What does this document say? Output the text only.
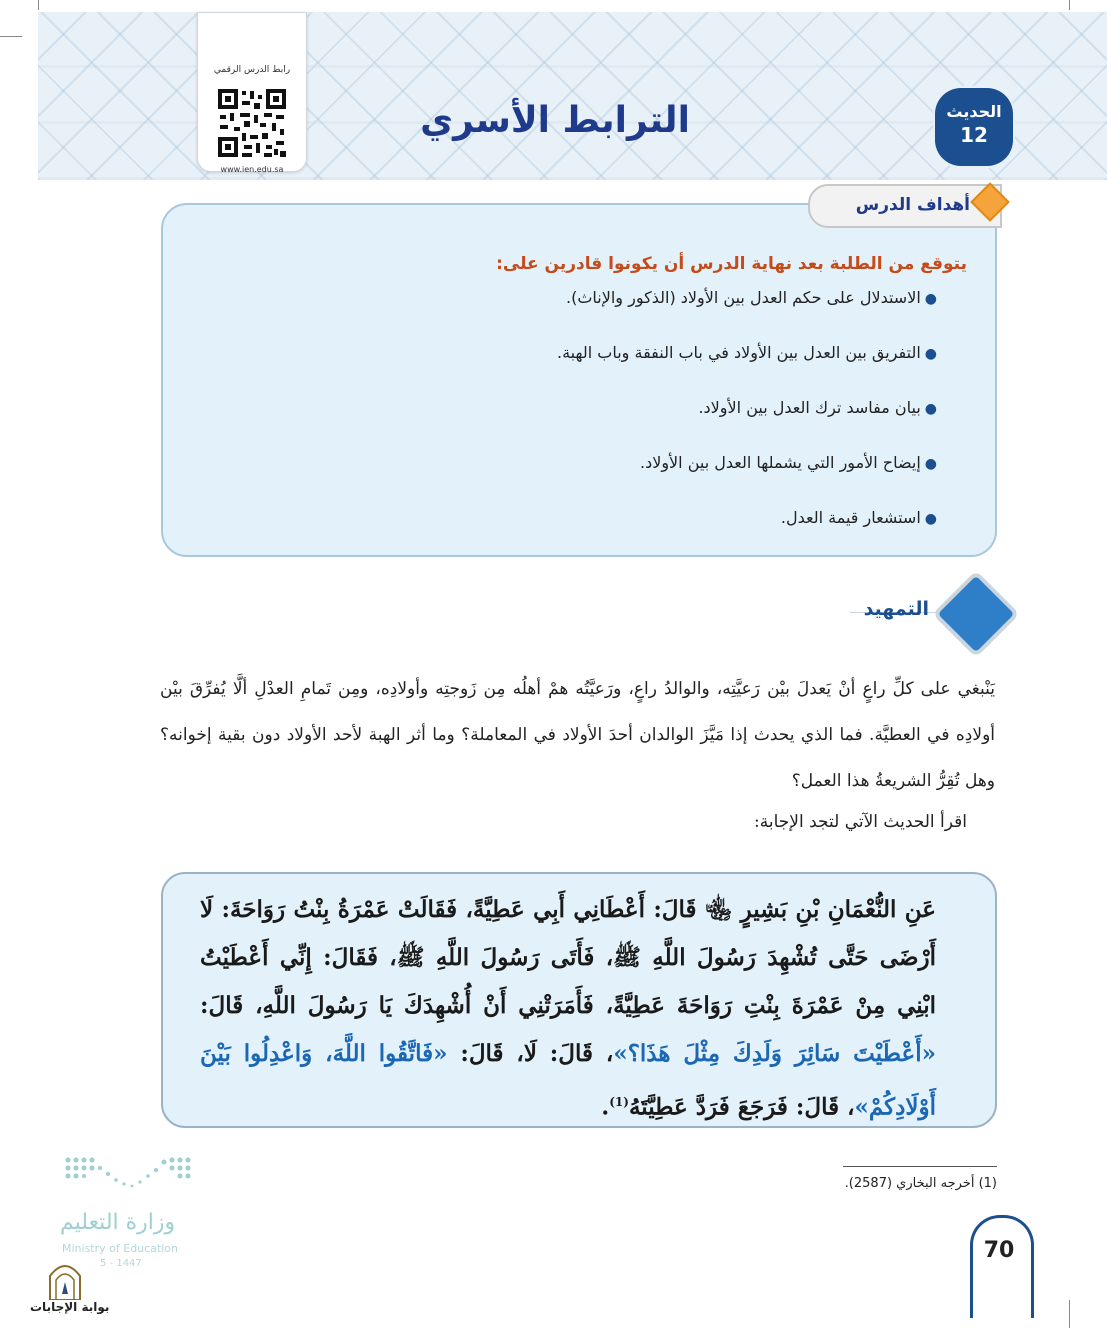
رابط الدرس الرقمي
www.ien.edu.sa
الترابط الأسري	الحديث
12
أهداف الدرس
يتوقع من الطلبة بعد نهاية الدرس أن يكونوا قادرين على:
●الاستدلال على حكم العدل بين الأولاد (الذكور والإناث).
●التفريق بين العدل بين الأولاد في باب النفقة وباب الهبة.
●بيان مفاسد ترك العدل بين الأولاد.
●إيضاح الأمور التي يشملها العدل بين الأولاد.
●استشعار قيمة العدل.
التمهيد

يَنْبغي على كلِّ راعٍ أنْ يَعدلَ بيْن رَعيَّتِه، والوالدُ راعٍ، ورَعيَّتُه همْ أهلُه مِن زَوجتِه وأولادِه، ومِن تَمامِ العدْلِ ألَّا يُفرِّقَ بيْن أولادِه في العطيَّة. فما الذي يحدث إذا مَيَّزَ الوالدان أحدَ الأولاد في المعاملة؟ وما أثر الهبة لأحد الأولاد دون بقية إخوانه؟ وهل تُقِرُّ الشريعةُ هذا العمل؟

اقرأ الحديث الآتي لتجد الإجابة:

عَنِ النُّعْمَانِ بْنِ بَشِيرٍ ﵄ قَالَ: أَعْطَانِي أَبِي عَطِيَّةً، فَقَالَتْ عَمْرَةُ بِنْتُ رَوَاحَةَ: لَا أَرْضَى حَتَّى تُشْهِدَ رَسُولَ اللَّهِ ﷺ، فَأَتَى رَسُولَ اللَّهِ ﷺ، فَقَالَ: إِنِّي أَعْطَيْتُ ابْنِي مِنْ عَمْرَةَ بِنْتِ رَوَاحَةَ عَطِيَّةً، فَأَمَرَتْنِي أَنْ أُشْهِدَكَ يَا رَسُولَ اللَّهِ، قَالَ: «أَعْطَيْتَ سَائِرَ وَلَدِكَ مِثْلَ هَذَا؟»، قَالَ: لَا، قَالَ: «فَاتَّقُوا اللَّهَ، وَاعْدِلُوا بَيْنَ أَوْلَادِكُمْ»، قَالَ: فَرَجَعَ فَرَدَّ عَطِيَّتَهُ$^{(1)}$.

(1) أخرجه البخاري (2587).
70
وزارة التعليم
Ministry of Education
5 - 1447
بوابة الإجابات
